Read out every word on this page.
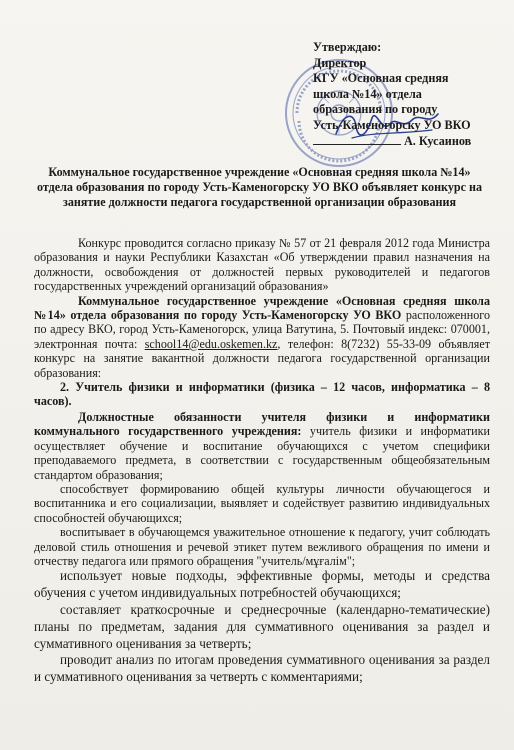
Утверждаю:
Директор
КГУ «Основная средняя
школа №14» отдела
образования по городу
Усть-Каменогорску УО ВКО
А. Кусаинов
Коммунальное государственное учреждение «Основная средняя школа №14» отдела образования по городу Усть-Каменогорску УО ВКО объявляет конкурс на занятие должности педагога государственной организации образования

Конкурс проводится согласно приказу № 57 от 21 февраля 2012 года Министра образования и науки Республики Казахстан «Об утверждении правил назначения на должности, освобождения от должностей первых руководителей и педагогов государственных учреждений организаций образования»

Коммунальное государственное учреждение «Основная средняя школа №14» отдела образования по городу Усть-Каменогорску УО ВКО расположенного по адресу ВКО, город Усть-Каменогорск, улица Ватутина, 5. Почтовый индекс: 070001, электронная почта: school14@edu.oskemen.kz, телефон: 8(7232) 55-33-09 объявляет конкурс на занятие вакантной должности педагога государственной организации образования:

2. Учитель физики и информатики (физика – 12 часов, информатика – 8 часов).

Должностные обязанности учителя физики и информатики коммунального государственного учреждения: учитель физики и информатики осуществляет обучение и воспитание обучающихся с учетом специфики преподаваемого предмета, в соответствии с государственным общеобязательным стандартом образования;

способствует формированию общей культуры личности обучающегося и воспитанника и его социализации, выявляет и содействует развитию индивидуальных способностей обучающихся;

воспитывает в обучающемся уважительное отношение к педагогу, учит соблюдать деловой стиль отношения и речевой этикет путем вежливого обращения по имени и отчеству педагога или прямого обращения "учитель/мұғалім";

использует новые подходы, эффективные формы, методы и средства обучения с учетом индивидуальных потребностей обучающихся;

составляет краткосрочные и среднесрочные (календарно-тематические) планы по предметам, задания для суммативного оценивания за раздел и суммативного оценивания за четверть;

проводит анализ по итогам проведения суммативного оценивания за раздел и суммативного оценивания за четверть с комментариями;
